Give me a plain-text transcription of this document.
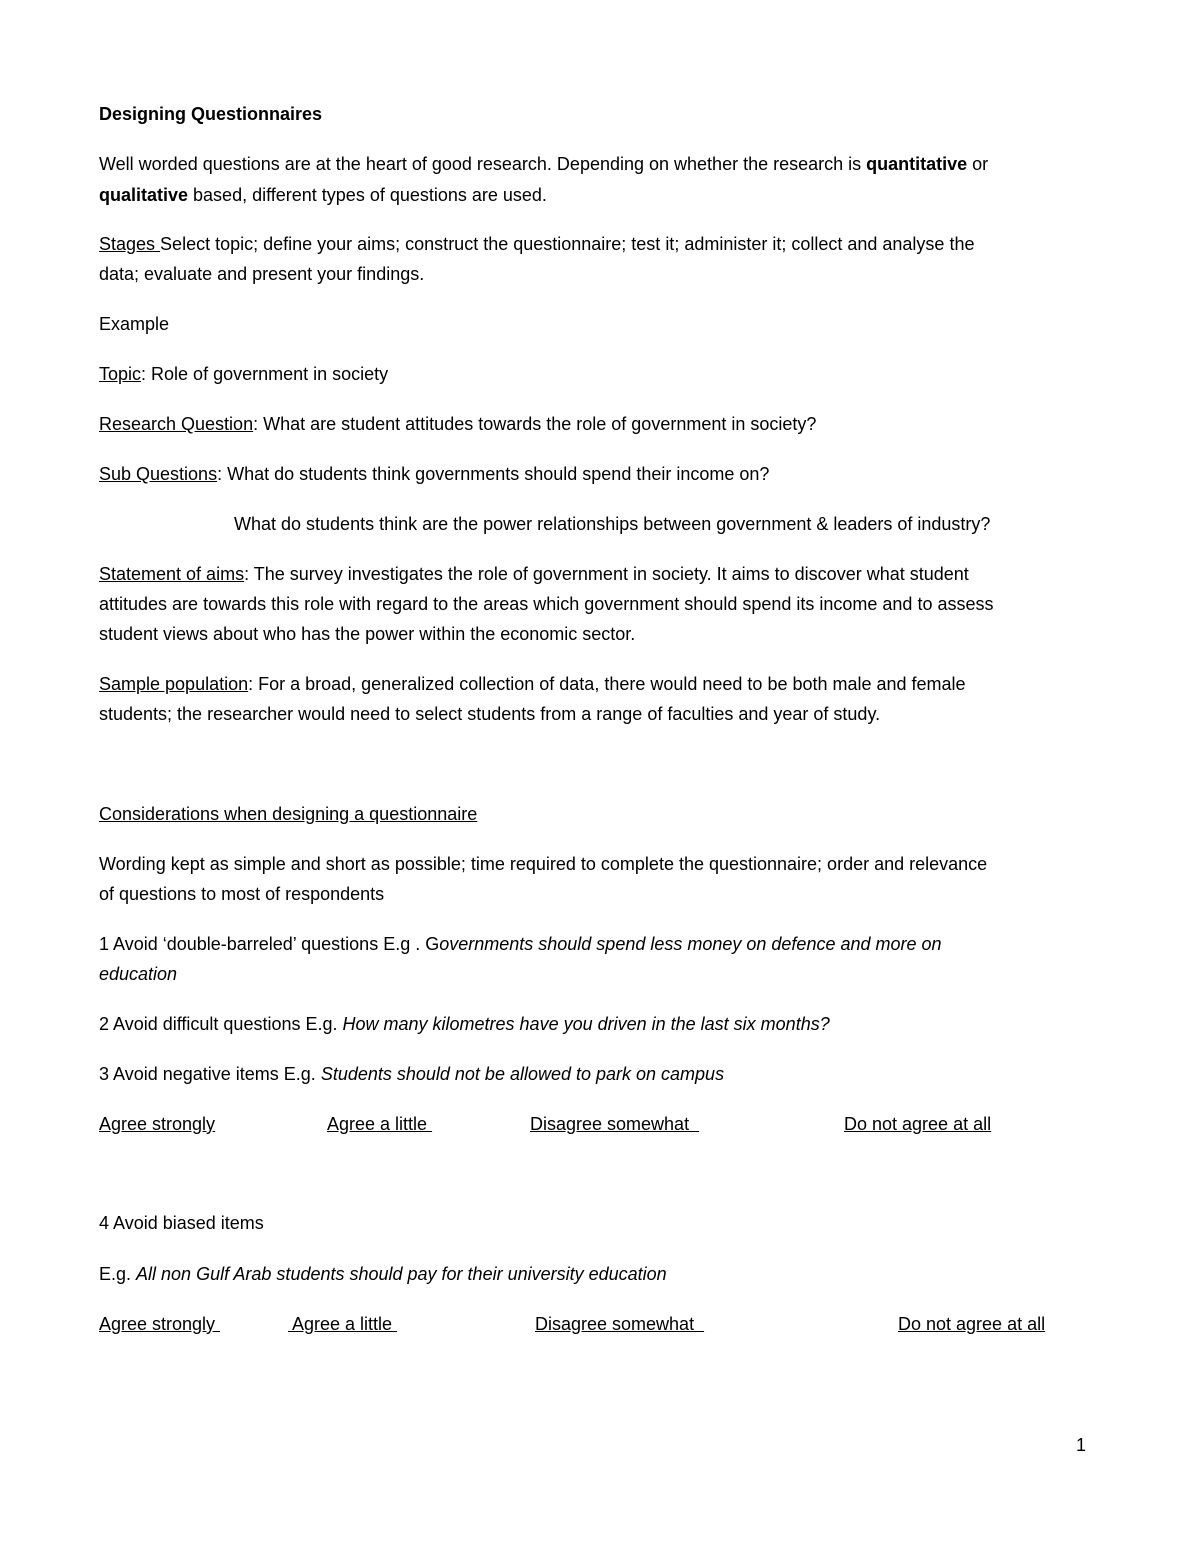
Designing Questionnaires
Well worded questions are at the heart of good research. Depending on whether the research is quantitative or
qualitative based, different types of questions are used.
Stages Select topic; define your aims; construct the questionnaire; test it; administer it; collect and analyse the
data; evaluate and present your findings.
Example
Topic: Role of government in society
Research Question: What are student attitudes towards the role of government in society?
Sub Questions: What do students think governments should spend their income on?
What do students think are the power relationships between government & leaders of industry?
Statement of aims: The survey investigates the role of government in society. It aims to discover what student
attitudes are towards this role with regard to the areas which government should spend its income and to assess
student views about who has the power within the economic sector.
Sample population: For a broad, generalized collection of data, there would need to be both male and female
students; the researcher would need to select students from a range of faculties and year of study.
Considerations when designing a questionnaire
Wording kept as simple and short as possible; time required to complete the questionnaire; order and relevance
of questions to most of respondents
1 Avoid ‘double-barreled’ questions E.g . Governments should spend less money on defence and more on
education
2 Avoid difficult questions E.g. How many kilometres have you driven in the last six months?
3 Avoid negative items E.g. Students should not be allowed to park on campus
Agree strongly	Agree a little	Disagree somewhat	Do not agree at all
4 Avoid biased items
E.g. All non Gulf Arab students should pay for their university education
Agree strongly	Agree a little	Disagree somewhat	Do not agree at all
1
